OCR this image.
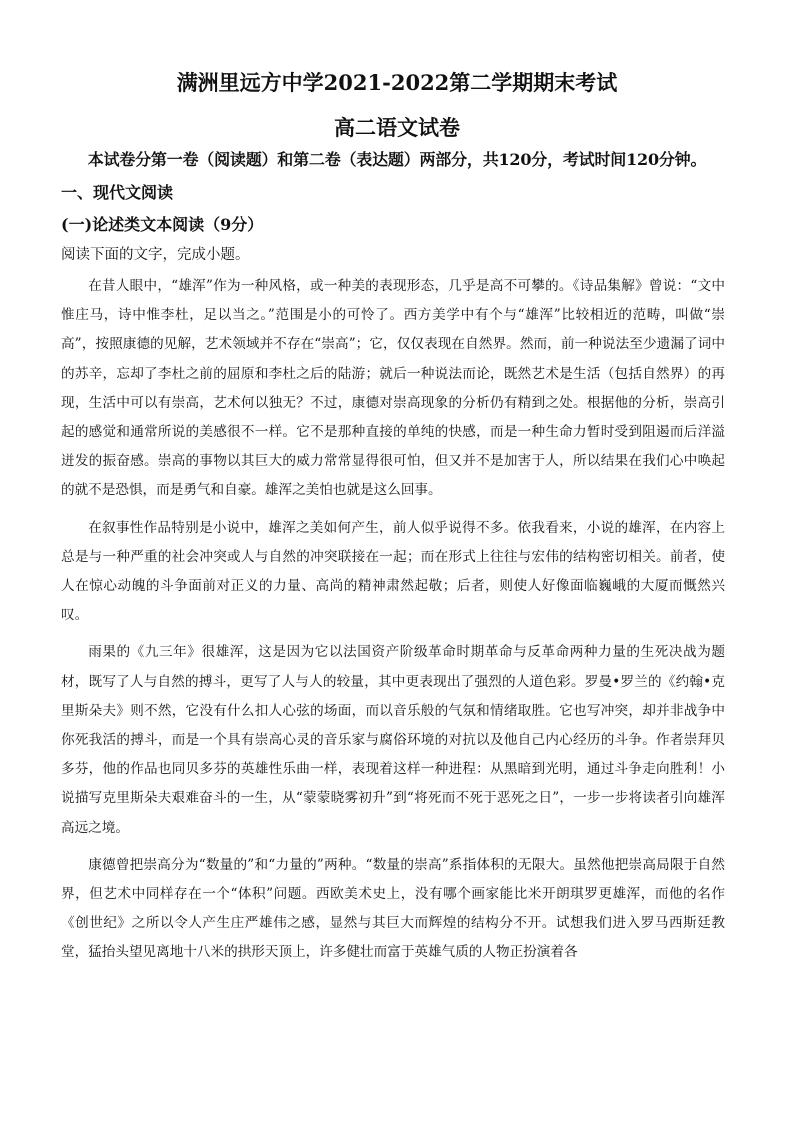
满洲里远方中学2021-2022第二学期期末考试
高二语文试卷
本试卷分第一卷（阅读题）和第二卷（表达题）两部分，共120分，考试时间120分钟。
一、现代文阅读
(一)论述类文本阅读（9分）
阅读下面的文字，完成小题。

在昔人眼中，“雄浑”作为一种风格，或一种美的表现形态，几乎是高不可攀的。《诗品集解》曾说：“文中惟庄马，诗中惟李杜，足以当之。”范围是小的可怜了。西方美学中有个与“雄浑”比较相近的范畴，叫做“崇高”，按照康德的见解，艺术领域并不存在“崇高”；它，仅仅表现在自然界。然而，前一种说法至少遗漏了词中的苏辛，忘却了李杜之前的屈原和李杜之后的陆游；就后一种说法而论，既然艺术是生活（包括自然界）的再现，生活中可以有崇高，艺术何以独无？不过，康德对崇高现象的分析仍有精到之处。根据他的分析，崇高引起的感觉和通常所说的美感很不一样。它不是那种直接的单纯的快感，而是一种生命力暂时受到阻遏而后洋溢迸发的振奋感。崇高的事物以其巨大的威力常常显得很可怕，但又并不是加害于人，所以结果在我们心中唤起的就不是恐惧，而是勇气和自豪。雄浑之美怕也就是这么回事。

在叙事性作品特别是小说中，雄浑之美如何产生，前人似乎说得不多。依我看来，小说的雄浑，在内容上总是与一种严重的社会冲突或人与自然的冲突联接在一起；而在形式上往往与宏伟的结构密切相关。前者，使人在惊心动魄的斗争面前对正义的力量、高尚的精神肃然起敬；后者，则使人好像面临巍峨的大厦而慨然兴叹。

雨果的《九三年》很雄浑，这是因为它以法国资产阶级革命时期革命与反革命两种力量的生死决战为题材，既写了人与自然的搏斗，更写了人与人的较量，其中更表现出了强烈的人道色彩。罗曼•罗兰的《约翰•克里斯朵夫》则不然，它没有什么扣人心弦的场面，而以音乐般的气氛和情绪取胜。它也写冲突，却并非战争中你死我活的搏斗，而是一个具有崇高心灵的音乐家与腐俗环境的对抗以及他自己内心经历的斗争。作者崇拜贝多芬，他的作品也同贝多芬的英雄性乐曲一样，表现着这样一种进程：从黑暗到光明，通过斗争走向胜利！小说描写克里斯朵夫艰难奋斗的一生，从“蒙蒙晓雾初升”到“将死而不死于恶死之日”，一步一步将读者引向雄浑高远之境。

康德曾把崇高分为“数量的”和“力量的”两种。“数量的崇高”系指体积的无限大。虽然他把崇高局限于自然界，但艺术中同样存在一个“体积”问题。西欧美术史上，没有哪个画家能比米开朗琪罗更雄浑，而他的名作《创世纪》之所以令人产生庄严雄伟之感，显然与其巨大而辉煌的结构分不开。试想我们进入罗马西斯廷教堂，猛抬头望见离地十八米的拱形天顶上，许多健壮而富于英雄气质的人物正扮演着各
